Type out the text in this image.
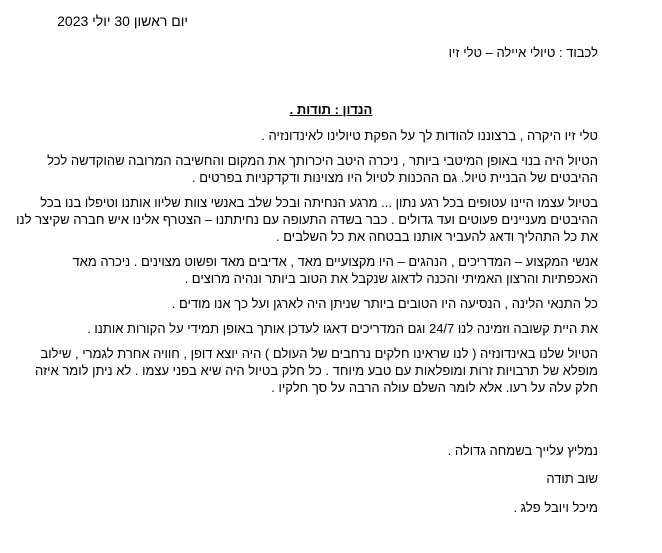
יום ראשון 30 יולי 2023
לכבוד : טיולי איילה – טלי זיו
הנדון : תודות .

טלי זיו היקרה , ברצוננו להודות לך על הפקת טיולינו לאינדונזיה .

הטיול היה בנוי באופן המיטבי ביותר , ניכרה היטב היכרותך את המקום והחשיבה המרובה שהוקדשה לכל ההיבטים של הבניית טיול. גם ההכנות לטיול היו מצוינות ודקדקניות בפרטים .

בטיול עצמו היינו עטופים בכל רגע נתון ... מרגע הנחיתה ובכל שלב באנשי צוות שליוו אותנו וטיפלו בנו בכל ההיבטים מעניינים פעוטים ועד גדולים . כבר בשדה התעופה עם נחיתתנו – הצטרף אלינו איש חברה שקיצר לנו את כל התהליך ודאג להעביר אותנו בבטחה את כל השלבים .

אנשי המקצוע – המדריכים , הנהגים – היו מקצועיים מאד , אדיבים מאד ופשוט מצוינים . ניכרה מאד האכפתיות והרצון האמיתי והכנה לדאוג שנקבל את הטוב ביותר ונהיה מרוצים .

כל התנאי הלינה , הנסיעה היו הטובים ביותר שניתן היה לארגן ועל כך אנו מודים .

את היית קשובה וזמינה לנו 24/7 וגם המדריכים דאגו לעדכן אותך באופן תמידי על הקורות אותנו .

הטיול שלנו באינדונזיה ( לנו שראינו חלקים נרחבים של העולם ) היה יוצא דופן , חוויה אחרת לגמרי , שילוב מופלא של תרבויות זרות ומופלאות עם טבע מיוחד . כל חלק בטיול היה שיא בפני עצמו . לא ניתן לומר איזה חלק עלה על רעו. אלא לומר השלם עולה הרבה על סך חלקיו .

נמליץ עלייך בשמחה גדולה .
שוב תודה
מיכל ויובל פלג .
